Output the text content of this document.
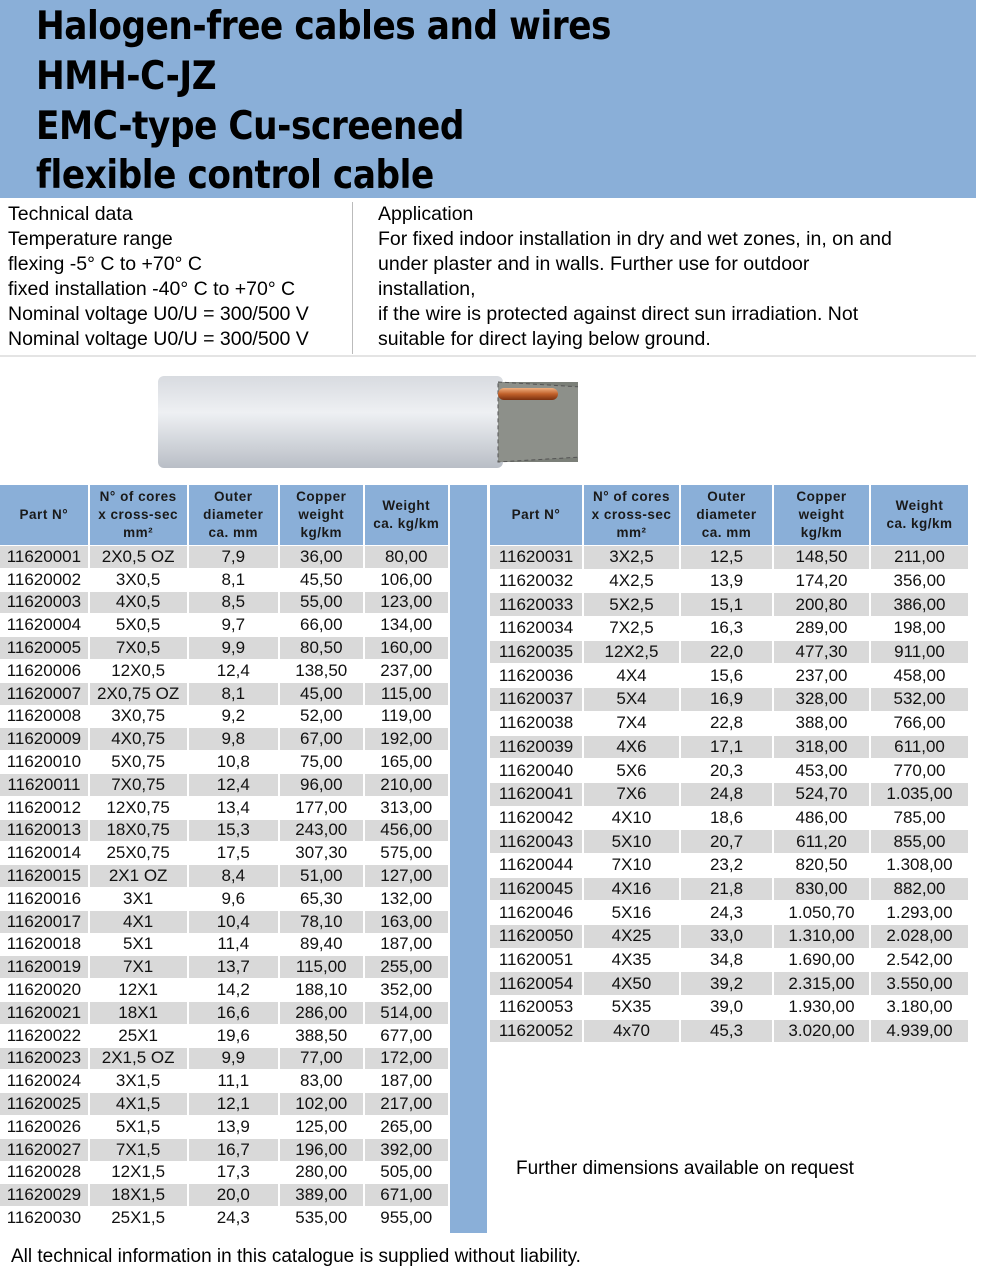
Halogen-free cables and wires
HMH-C-JZ
EMC-type Cu-screened
flexible control cable
Technical data
Temperature range
flexing -5° C to +70° C
fixed installation -40° C to +70° C
Nominal voltage U0/U = 300/500 V
Nominal voltage U0/U = 300/500 V
Application
For fixed indoor installation in dry and wet zones, in, on and
under plaster and in walls. Further use for outdoor
installation,
if the wire is protected against direct sun irradiation. Not
suitable for direct laying below ground.
Part N°	N° of cores
x cross-sec
mm²	Outer
diameter
ca. mm	Copper
weight
kg/km	Weight
ca. kg/km
11620001	2X0,5 OZ	7,9	36,00	80,00
11620002	3X0,5	8,1	45,50	106,00
11620003	4X0,5	8,5	55,00	123,00
11620004	5X0,5	9,7	66,00	134,00
11620005	7X0,5	9,9	80,50	160,00
11620006	12X0,5	12,4	138,50	237,00
11620007	2X0,75 OZ	8,1	45,00	115,00
11620008	3X0,75	9,2	52,00	119,00
11620009	4X0,75	9,8	67,00	192,00
11620010	5X0,75	10,8	75,00	165,00
11620011	7X0,75	12,4	96,00	210,00
11620012	12X0,75	13,4	177,00	313,00
11620013	18X0,75	15,3	243,00	456,00
11620014	25X0,75	17,5	307,30	575,00
11620015	2X1 OZ	8,4	51,00	127,00
11620016	3X1	9,6	65,30	132,00
11620017	4X1	10,4	78,10	163,00
11620018	5X1	11,4	89,40	187,00
11620019	7X1	13,7	115,00	255,00
11620020	12X1	14,2	188,10	352,00
11620021	18X1	16,6	286,00	514,00
11620022	25X1	19,6	388,50	677,00
11620023	2X1,5 OZ	9,9	77,00	172,00
11620024	3X1,5	11,1	83,00	187,00
11620025	4X1,5	12,1	102,00	217,00
11620026	5X1,5	13,9	125,00	265,00
11620027	7X1,5	16,7	196,00	392,00
11620028	12X1,5	17,3	280,00	505,00
11620029	18X1,5	20,0	389,00	671,00
11620030	25X1,5	24,3	535,00	955,00
Part N°	N° of cores
x cross-sec
mm²	Outer
diameter
ca. mm	Copper
weight
kg/km	Weight
ca. kg/km
11620031	3X2,5	12,5	148,50	211,00
11620032	4X2,5	13,9	174,20	356,00
11620033	5X2,5	15,1	200,80	386,00
11620034	7X2,5	16,3	289,00	198,00
11620035	12X2,5	22,0	477,30	911,00
11620036	4X4	15,6	237,00	458,00
11620037	5X4	16,9	328,00	532,00
11620038	7X4	22,8	388,00	766,00
11620039	4X6	17,1	318,00	611,00
11620040	5X6	20,3	453,00	770,00
11620041	7X6	24,8	524,70	1.035,00
11620042	4X10	18,6	486,00	785,00
11620043	5X10	20,7	611,20	855,00
11620044	7X10	23,2	820,50	1.308,00
11620045	4X16	21,8	830,00	882,00
11620046	5X16	24,3	1.050,70	1.293,00
11620050	4X25	33,0	1.310,00	2.028,00
11620051	4X35	34,8	1.690,00	2.542,00
11620054	4X50	39,2	2.315,00	3.550,00
11620053	5X35	39,0	1.930,00	3.180,00
11620052	4x70	45,3	3.020,00	4.939,00
Further dimensions available on request
All technical information in this catalogue is supplied without liability.
